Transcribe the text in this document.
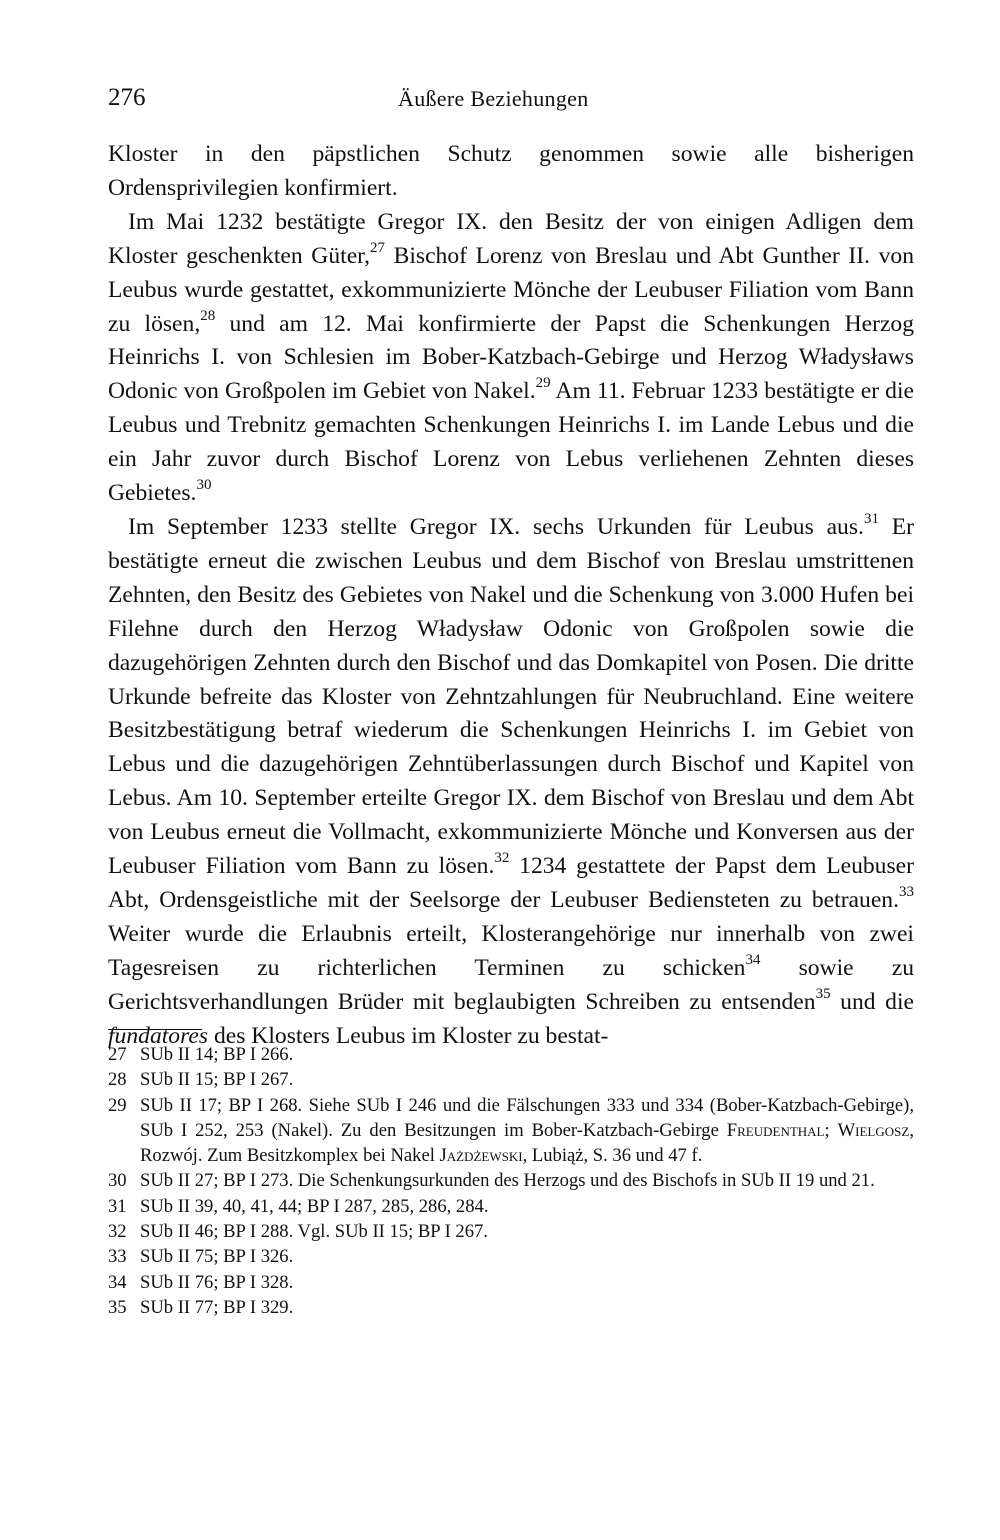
276	Äußere Beziehungen

Kloster in den päpstlichen Schutz genommen sowie alle bisherigen Ordensprivilegien konfirmiert.

Im Mai 1232 bestätigte Gregor IX. den Besitz der von einigen Adligen dem Kloster geschenkten Güter,$^{27}$ Bischof Lorenz von Breslau und Abt Gunther II. von Leubus wurde gestattet, exkommunizierte Mönche der Leubuser Filiation vom Bann zu lösen,$^{28}$ und am 12. Mai konfirmierte der Papst die Schenkungen Herzog Heinrichs I. von Schlesien im Bober-Katzbach-Gebirge und Herzog Władysławs Odonic von Großpolen im Gebiet von Nakel.$^{29}$ Am 11. Februar 1233 bestätigte er die Leubus und Trebnitz gemachten Schenkungen Heinrichs I. im Lande Lebus und die ein Jahr zuvor durch Bischof Lorenz von Lebus verliehenen Zehnten dieses Gebietes.$^{30}$

Im September 1233 stellte Gregor IX. sechs Urkunden für Leubus aus.$^{31}$ Er bestätigte erneut die zwischen Leubus und dem Bischof von Breslau umstrittenen Zehnten, den Besitz des Gebietes von Nakel und die Schenkung von 3.000 Hufen bei Filehne durch den Herzog Władysław Odonic von Großpolen sowie die dazugehörigen Zehnten durch den Bischof und das Domkapitel von Posen. Die dritte Urkunde befreite das Kloster von Zehntzahlungen für Neubruchland. Eine weitere Besitzbestätigung betraf wiederum die Schenkungen Heinrichs I. im Gebiet von Lebus und die dazugehörigen Zehntüberlassungen durch Bischof und Kapitel von Lebus. Am 10. September erteilte Gregor IX. dem Bischof von Breslau und dem Abt von Leubus erneut die Vollmacht, exkommunizierte Mönche und Konversen aus der Leubuser Filiation vom Bann zu lösen.$^{32}$ 1234 gestattete der Papst dem Leubuser Abt, Ordensgeistliche mit der Seelsorge der Leubuser Bediensteten zu betrauen.$^{33}$ Weiter wurde die Erlaubnis erteilt, Klosterangehörige nur innerhalb von zwei Tagesreisen zu richterlichen Terminen zu schicken$^{34}$ sowie zu Gerichtsverhandlungen Brüder mit beglaubigten Schreiben zu entsenden$^{35}$ und die fundatores des Klosters Leubus im Kloster zu bestat-

27 SUb II 14; BP I 266.
28 SUb II 15; BP I 267.
29 SUb II 17; BP I 268. Siehe SUb I 246 und die Fälschungen 333 und 334 (Bober-Katzbach-Gebirge), SUb I 252, 253 (Nakel). Zu den Besitzungen im Bober-Katzbach-Gebirge Freudenthal; Wielgosz, Rozwój. Zum Besitzkomplex bei Nakel Jażdżewski, Lubiąż, S. 36 und 47 f.
30 SUb II 27; BP I 273. Die Schenkungsurkunden des Herzogs und des Bischofs in SUb II 19 und 21.
31 SUb II 39, 40, 41, 44; BP I 287, 285, 286, 284.
32 SUb II 46; BP I 288. Vgl. SUb II 15; BP I 267.
33 SUb II 75; BP I 326.
34 SUb II 76; BP I 328.
35 SUb II 77; BP I 329.
